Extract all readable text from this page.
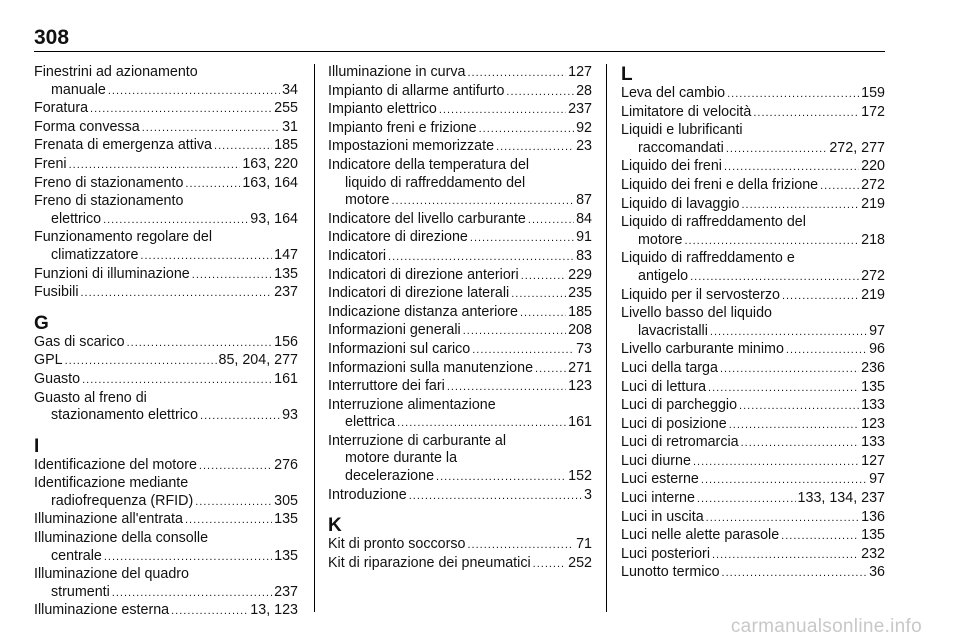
308
Finestrini ad azionamento
manuale .....	34
Foratura .....	255
Forma convessa .....	31
Frenata di emergenza attiva .....	185
Freni .....	163, 220
Freno di stazionamento .....	163, 164
Freno di stazionamento
elettrico .....	93, 164
Funzionamento regolare del
climatizzatore .....	147
Funzioni di illuminazione .....	135
Fusibili .....	237
G
Gas di scarico .....	156
GPL .....	85, 204, 277
Guasto .....	161
Guasto al freno di
stazionamento elettrico .....	93
I
Identificazione del motore .....	276
Identificazione mediante
radiofrequenza (RFID) .....	305
Illuminazione all'entrata .....	135
Illuminazione della consolle
centrale .....	135
Illuminazione del quadro
strumenti .....	237
Illuminazione esterna .....	13, 123
Illuminazione in curva .....	127
Impianto di allarme antifurto .....	28
Impianto elettrico .....	237
Impianto freni e frizione .....	92
Impostazioni memorizzate .....	23
Indicatore della temperatura del
liquido di raffreddamento del
motore .....	87
Indicatore del livello carburante .....	84
Indicatore di direzione .....	91
Indicatori .....	83
Indicatori di direzione anteriori .....	229
Indicatori di direzione laterali .....	235
Indicazione distanza anteriore .....	185
Informazioni generali .....	208
Informazioni sul carico .....	73
Informazioni sulla manutenzione ..... 271
Interruttore dei fari .....	123
Interruzione alimentazione
elettrica .....	161
Interruzione di carburante al
motore durante la
decelerazione .....	152
Introduzione .....	3
K
Kit di pronto soccorso .....	71
Kit di riparazione dei pneumatici .....	252
L
Leva del cambio .....	159
Limitatore di velocità .....	172
Liquidi e lubrificanti
raccomandati .....	272, 277
Liquido dei freni .....	220
Liquido dei freni e della frizione .....	272
Liquido di lavaggio .....	219
Liquido di raffreddamento del
motore .....	218
Liquido di raffreddamento e
antigelo .....	272
Liquido per il servosterzo .....	219
Livello basso del liquido
lavacristalli .....	97
Livello carburante minimo .....	96
Luci della targa .....	236
Luci di lettura .....	135
Luci di parcheggio .....	133
Luci di posizione .....	123
Luci di retromarcia .....	133
Luci diurne .....	127
Luci esterne .....	97
Luci interne .....	133, 134, 237
Luci in uscita .....	136
Luci nelle alette parasole .....	135
Luci posteriori .....	232
Lunotto termico .....	36
carmanualsonline.info
